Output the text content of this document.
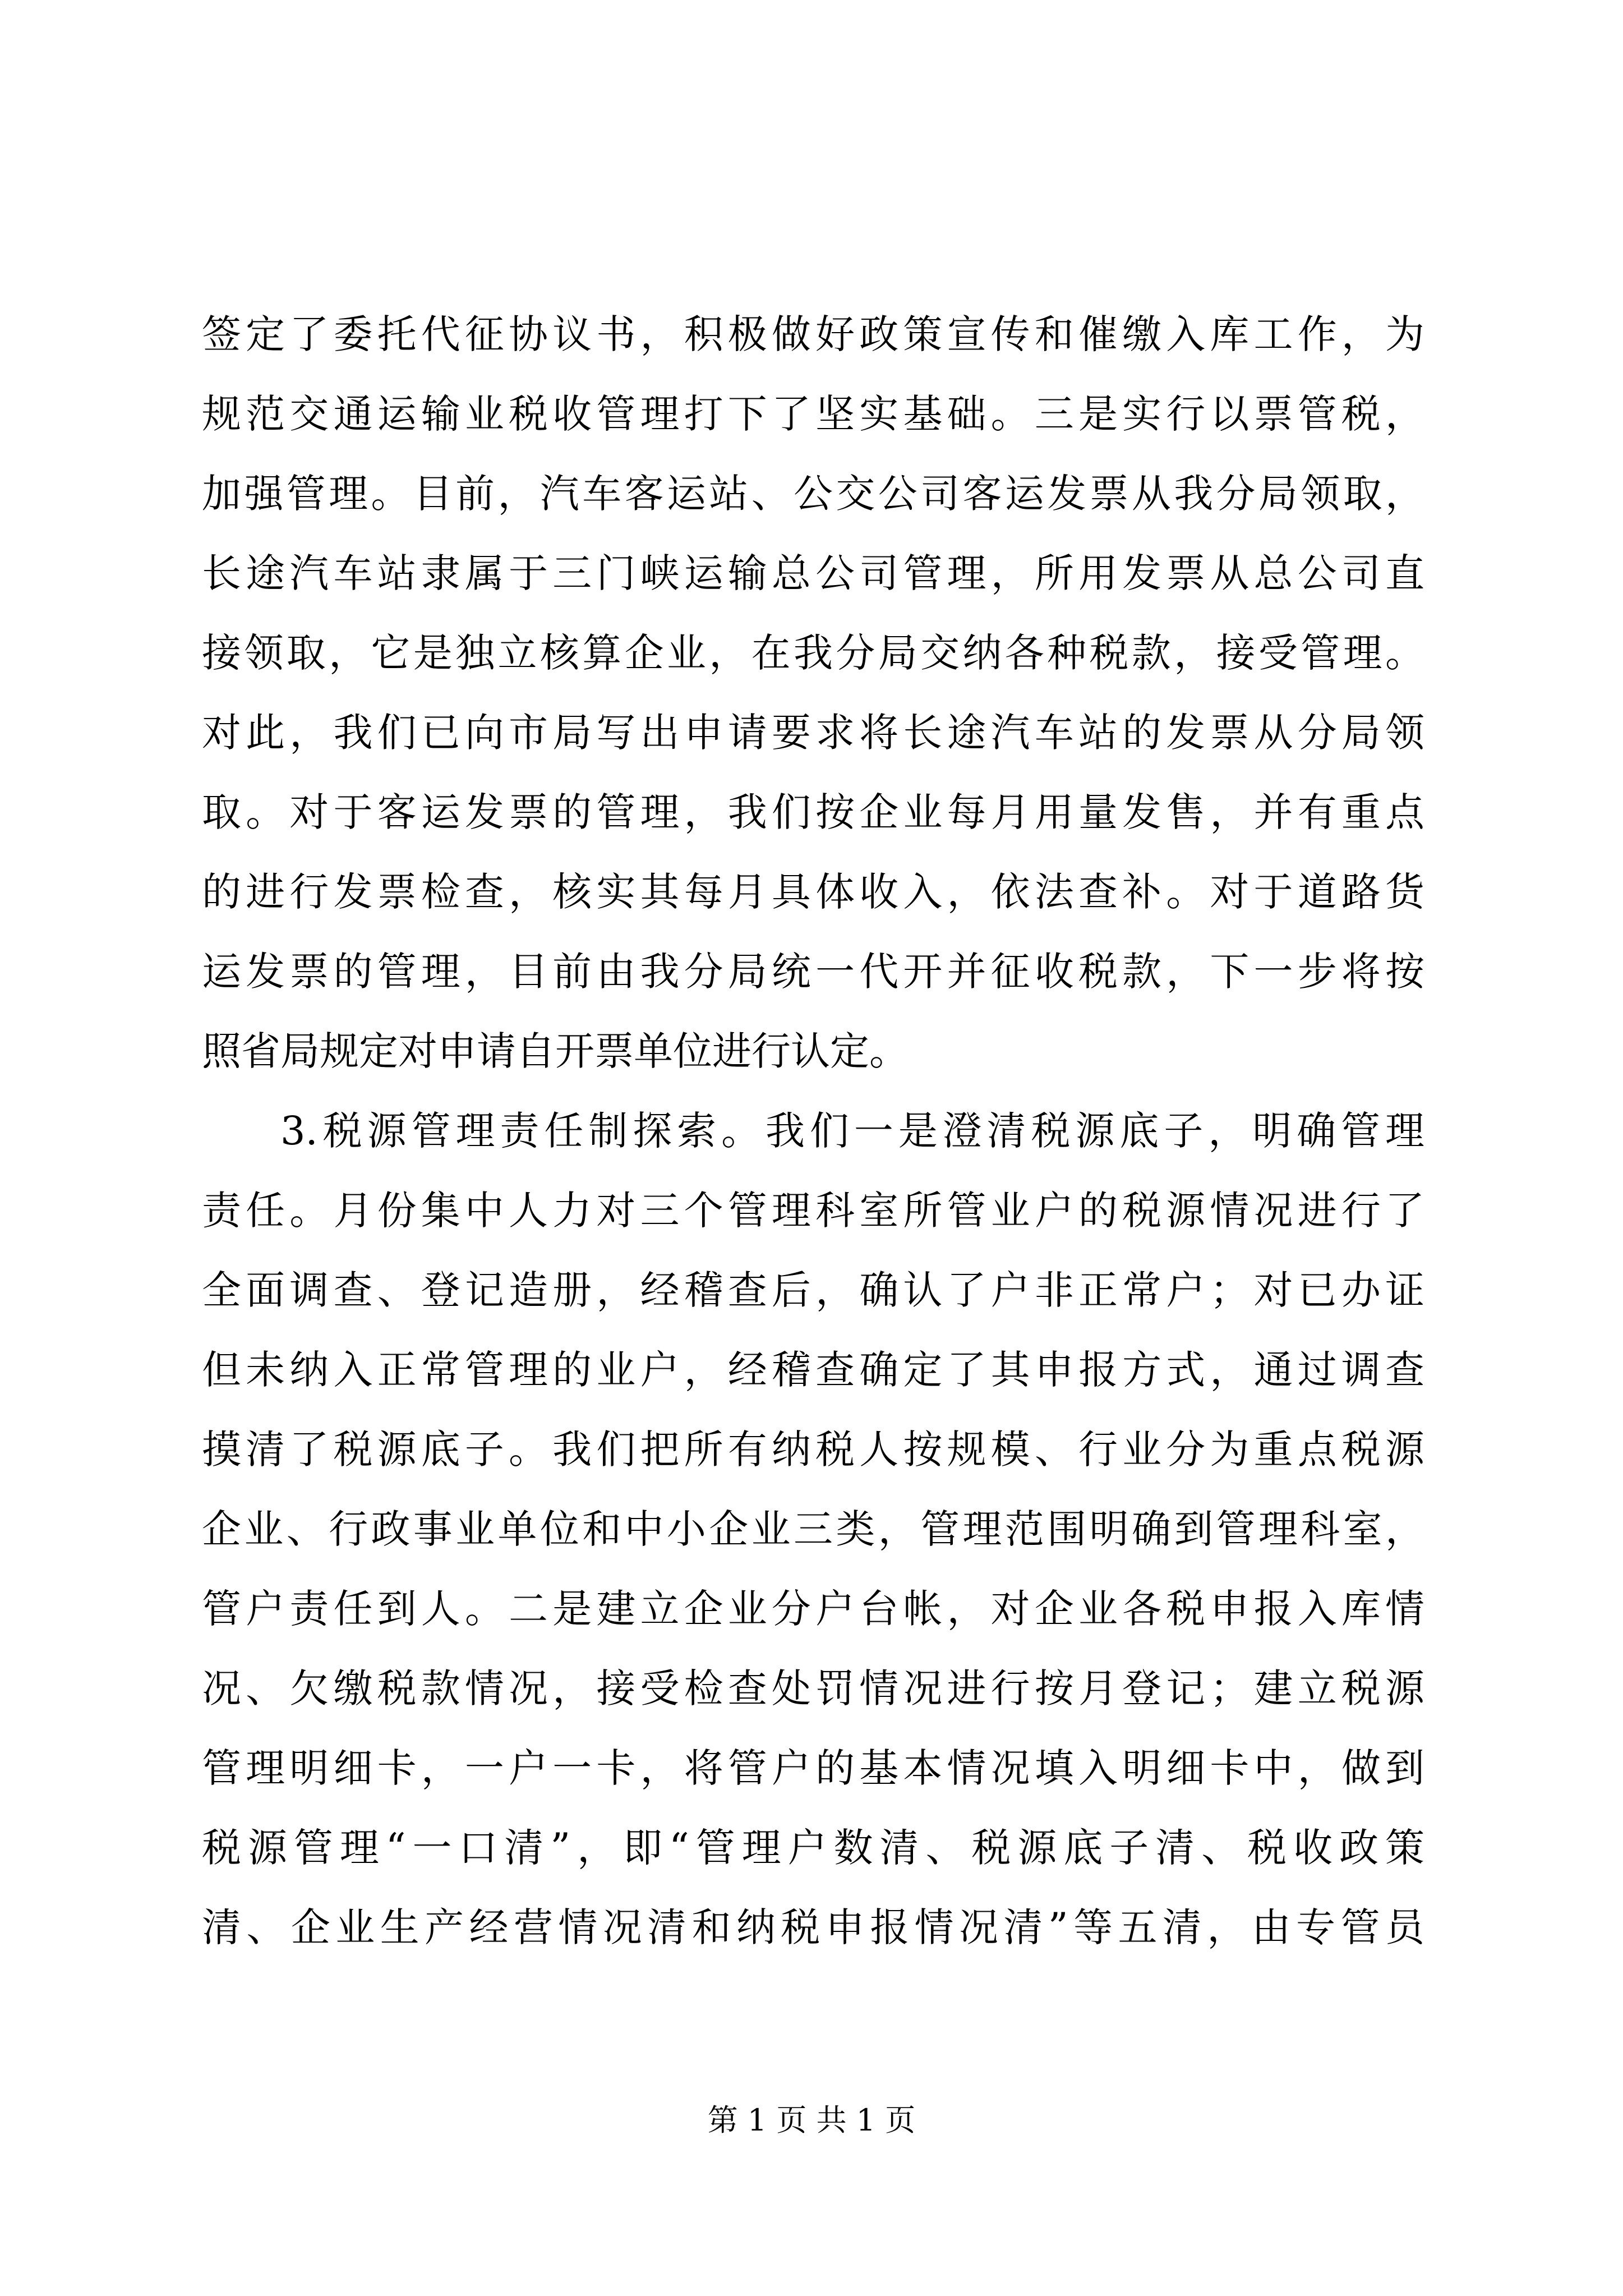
签定了委托代征协议书，积极做好政策宣传和催缴入库工作，为
规范交通运输业税收管理打下了坚实基础。三是实行以票管税，
加强管理。目前，汽车客运站、公交公司客运发票从我分局领取，
长途汽车站隶属于三门峡运输总公司管理，所用发票从总公司直
接领取，它是独立核算企业，在我分局交纳各种税款，接受管理。
对此，我们已向市局写出申请要求将长途汽车站的发票从分局领
取。对于客运发票的管理，我们按企业每月用量发售，并有重点
的进行发票检查，核实其每月具体收入，依法查补。对于道路货
运发票的管理，目前由我分局统一代开并征收税款，下一步将按
照省局规定对申请自开票单位进行认定。
3.税源管理责任制探索。我们一是澄清税源底子，明确管理
责任。月份集中人力对三个管理科室所管业户的税源情况进行了
全面调查、登记造册，经稽查后，确认了户非正常户；对已办证
但未纳入正常管理的业户，经稽查确定了其申报方式，通过调查
摸清了税源底子。我们把所有纳税人按规模、行业分为重点税源
企业、行政事业单位和中小企业三类，管理范围明确到管理科室，
管户责任到人。二是建立企业分户台帐，对企业各税申报入库情
况、欠缴税款情况，接受检查处罚情况进行按月登记；建立税源
管理明细卡，一户一卡，将管户的基本情况填入明细卡中，做到
税源管理“一口清”，即“管理户数清、税源底子清、税收政策
清、企业生产经营情况清和纳税申报情况清”等五清，由专管员
第 1 页 共 1 页
